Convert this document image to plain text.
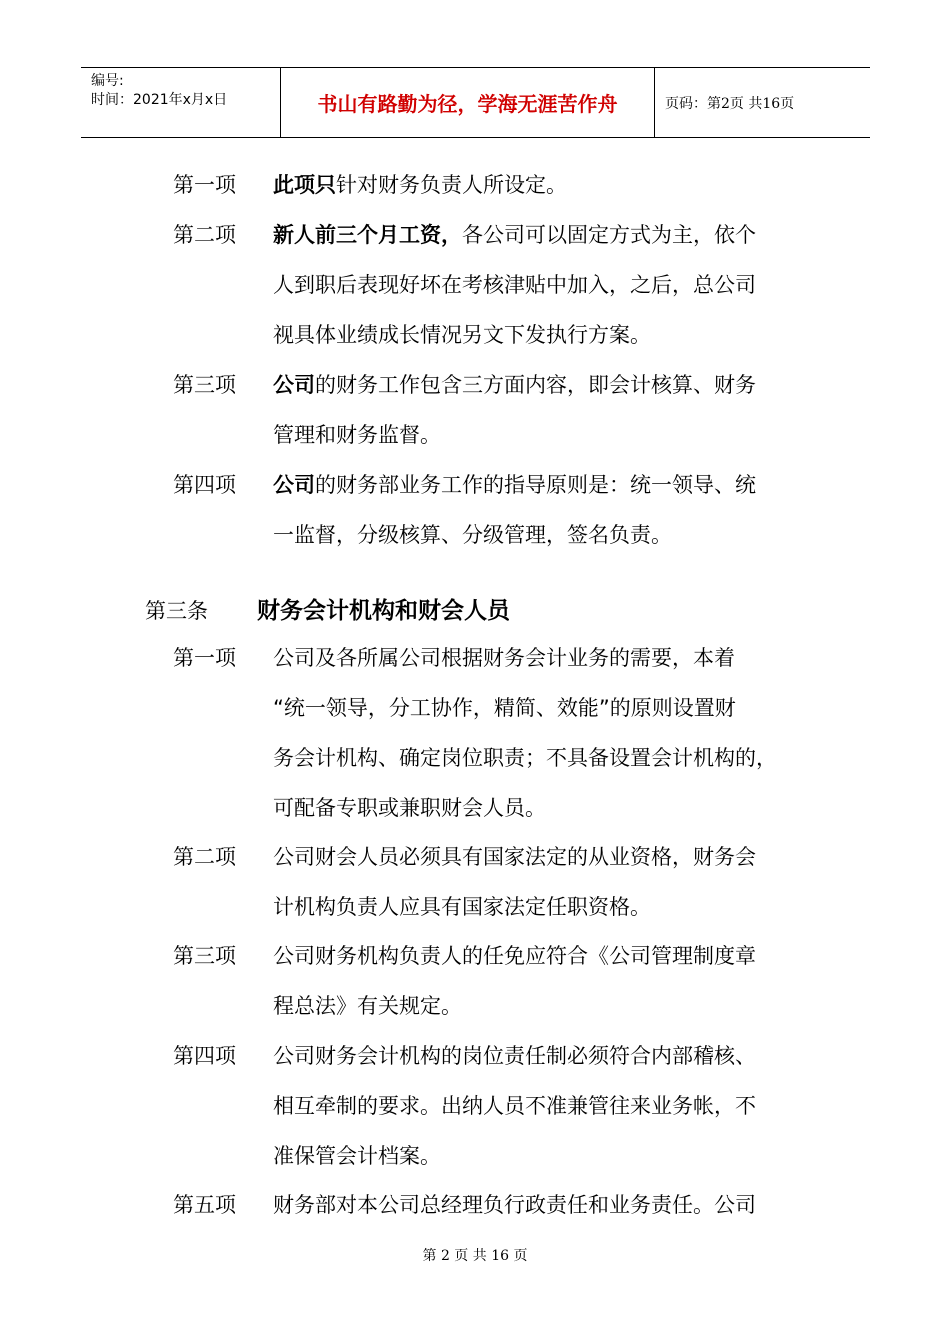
编号:
时间：2021年x月x日	书山有路勤为径，学海无涯苦作舟	页码：第2页 共16页
第一项 此项只针对财务负责人所设定。
第二项 新人前三个月工资，各公司可以固定方式为主，依个
人到职后表现好坏在考核津贴中加入，之后，总公司
视具体业绩成长情况另文下发执行方案。
第三项 公司的财务工作包含三方面内容，即会计核算、财务
管理和财务监督。
第四项 公司的财务部业务工作的指导原则是：统一领导、统
一监督，分级核算、分级管理，签名负责。
第三条 财务会计机构和财会人员
第一项 公司及各所属公司根据财务会计业务的需要，本着
“统一领导，分工协作，精简、效能”的原则设置财
务会计机构、确定岗位职责；不具备设置会计机构的，
可配备专职或兼职财会人员。
第二项 公司财会人员必须具有国家法定的从业资格，财务会
计机构负责人应具有国家法定任职资格。
第三项 公司财务机构负责人的任免应符合《公司管理制度章
程总法》有关规定。
第四项 公司财务会计机构的岗位责任制必须符合内部稽核、
相互牵制的要求。出纳人员不准兼管往来业务帐，不
准保管会计档案。
第五项 财务部对本公司总经理负行政责任和业务责任。公司
第 2 页 共 16 页
